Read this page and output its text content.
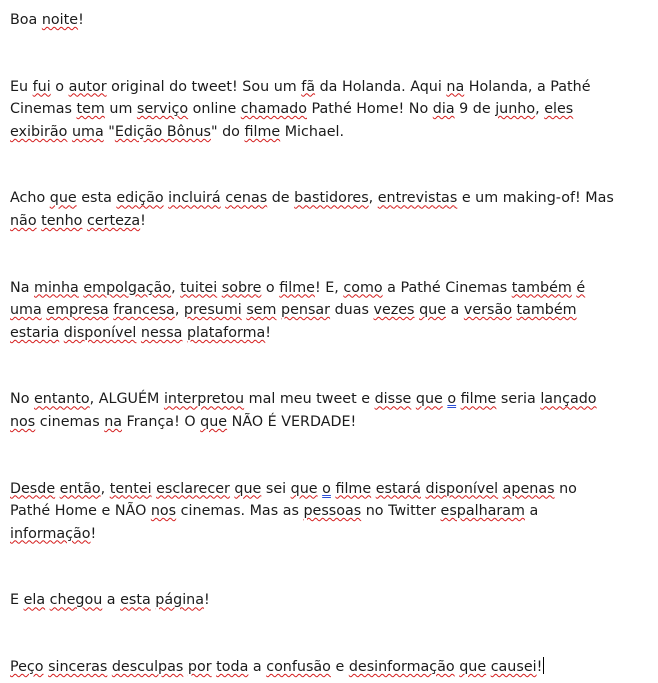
Boa noite!

Eu fui o autor original do tweet! Sou um fã da Holanda. Aqui na Holanda, a Pathé Cinemas tem um serviço online chamado Pathé Home! No dia 9 de junho, eles exibirão uma "Edição Bônus" do filme Michael.

Acho que esta edição incluirá cenas de bastidores, entrevistas e um making-of! Mas não tenho certeza!

Na minha empolgação, tuitei sobre o filme! E, como a Pathé Cinemas também é uma empresa francesa, presumi sem pensar duas vezes que a versão também estaria disponível nessa plataforma!

No entanto, ALGUÉM interpretou mal meu tweet e disse que o filme seria lançado nos cinemas na França! O que NÃO É VERDADE!

Desde então, tentei esclarecer que sei que o filme estará disponível apenas no Pathé Home e NÃO nos cinemas. Mas as pessoas no Twitter espalharam a informação!

E ela chegou a esta página!

Peço sinceras desculpas por toda a confusão e desinformação que causei!
